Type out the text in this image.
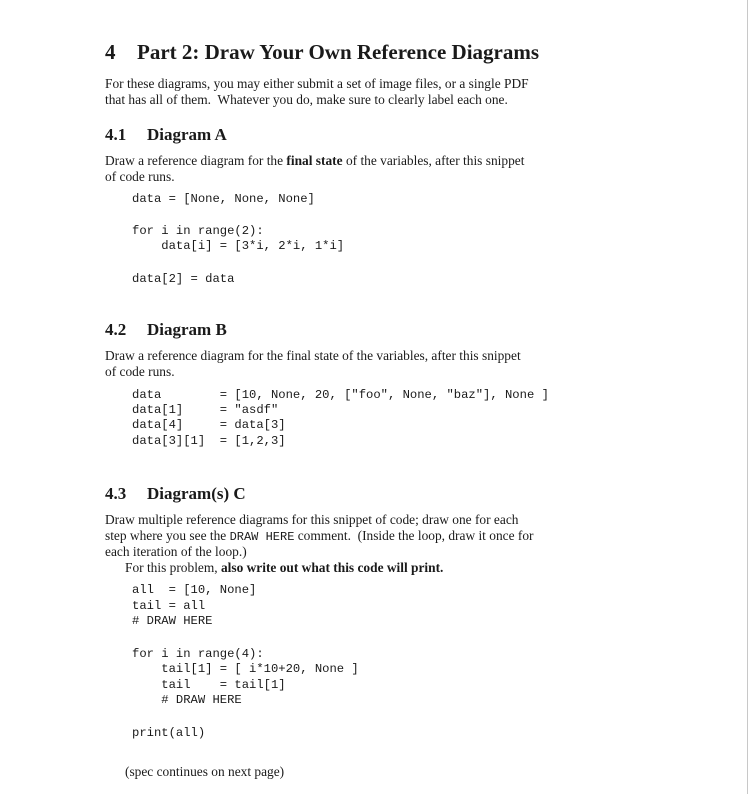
4 Part 2: Draw Your Own Reference Diagrams
For these diagrams, you may either submit a set of image files, or a single PDF
that has all of them.  Whatever you do, make sure to clearly label each one.
4.1 Diagram A
Draw a reference diagram for the final state of the variables, after this snippet
of code runs.
data = [None, None, None]
for i in range(2):
data[i] = [3*i, 2*i, 1*i]
data[2] = data
4.2 Diagram B
Draw a reference diagram for the final state of the variables, after this snippet
of code runs.
data        = [10, None, 20, ["foo", None, "baz"], None ]
data[1]     = "asdf"
data[4]     = data[3]
data[3][1]  = [1,2,3]
4.3 Diagram(s) C
Draw multiple reference diagrams for this snippet of code; draw one for each
step where you see the DRAW HERE comment.  (Inside the loop, draw it once for
each iteration of the loop.)
For this problem, also write out what this code will print.
all  = [10, None]
tail = all
# DRAW HERE
for i in range(4):
tail[1] = [ i*10+20, None ]
tail    = tail[1]
# DRAW HERE
print(all)
(spec continues on next page)
